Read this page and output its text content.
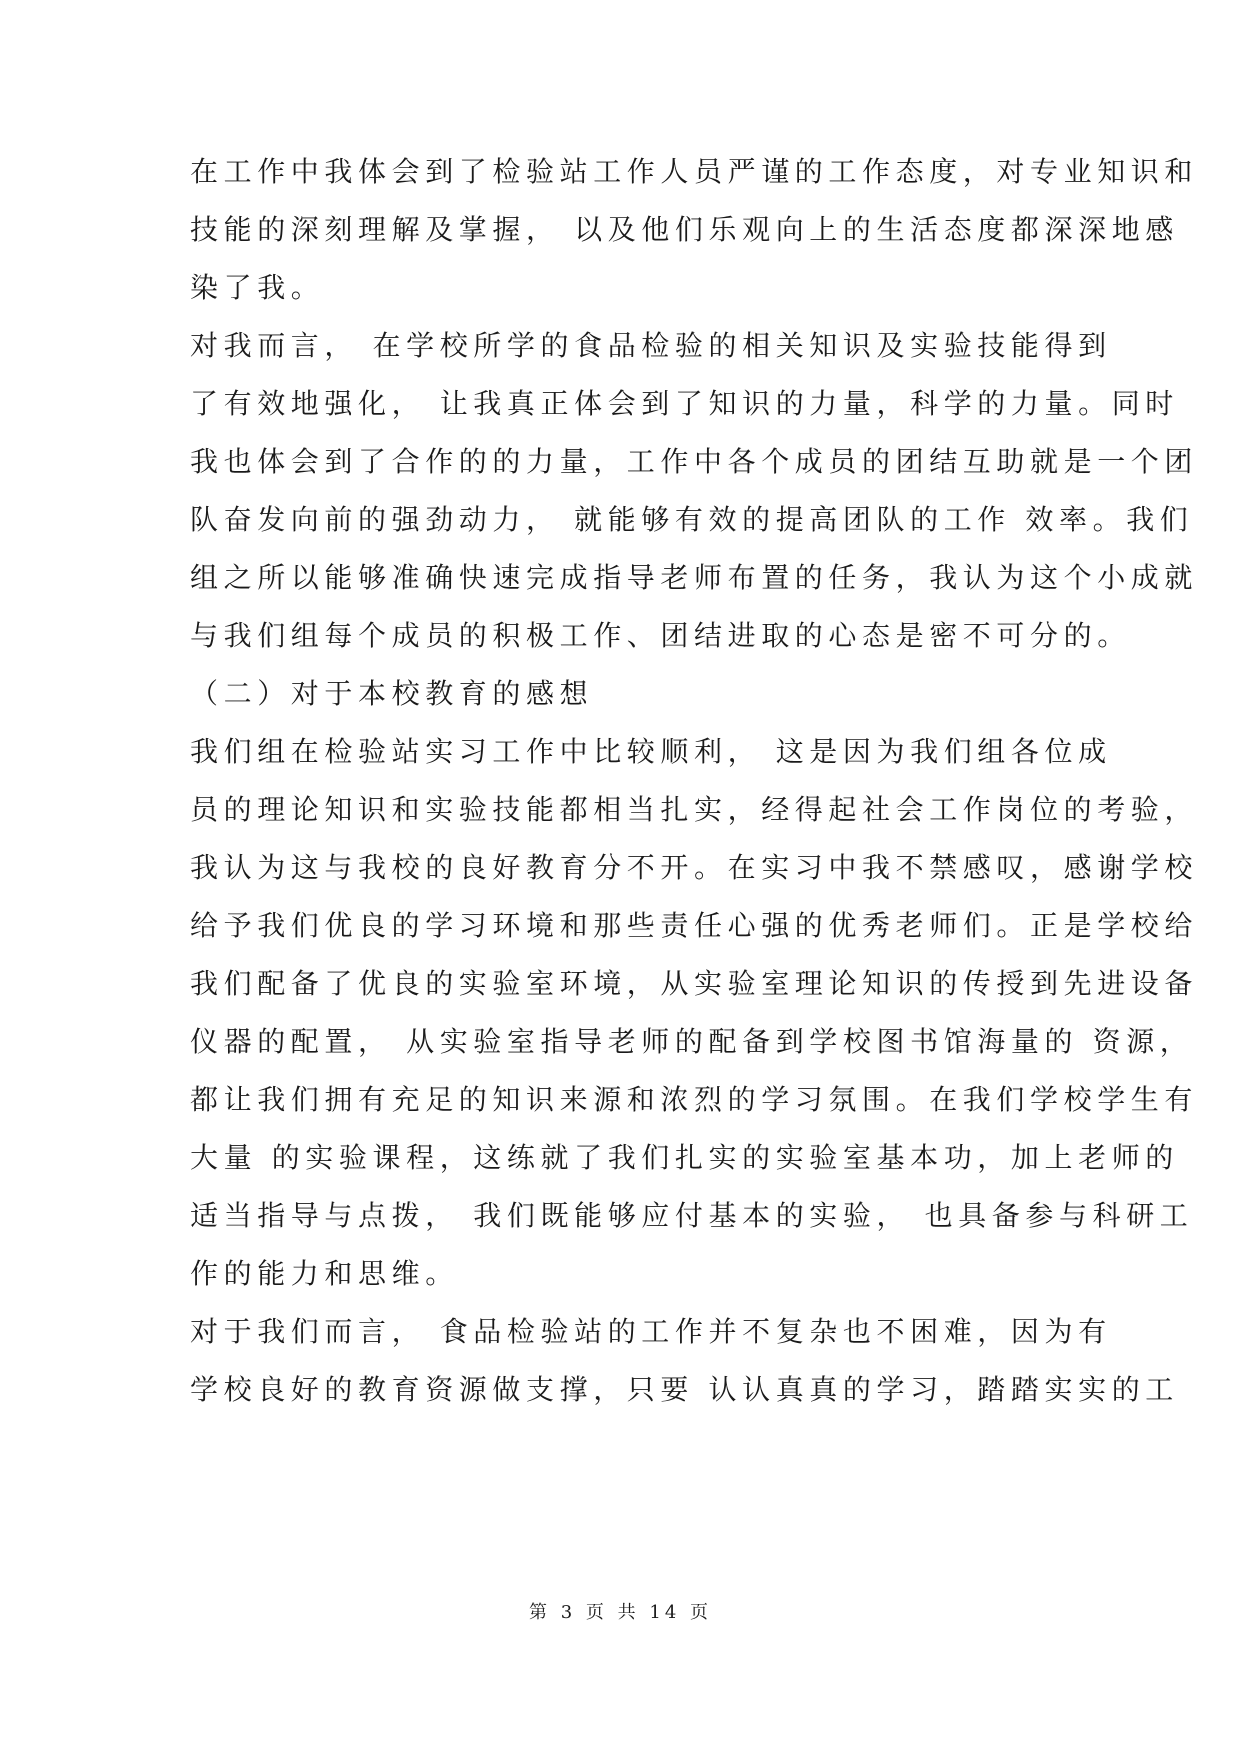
在工作中我体会到了检验站工作人员严谨的工作态度，对专业知识和
技能的深刻理解及掌握， 以及他们乐观向上的生活态度都深深地感
染了我。
对我而言， 在学校所学的食品检验的相关知识及实验技能得到
了有效地强化， 让我真正体会到了知识的力量，科学的力量。同时
我也体会到了合作的的力量，工作中各个成员的团结互助就是一个团
队奋发向前的强劲动力， 就能够有效的提高团队的工作 效率。我们
组之所以能够准确快速完成指导老师布置的任务，我认为这个小成就
与我们组每个成员的积极工作、团结进取的心态是密不可分的。
（二）对于本校教育的感想
我们组在检验站实习工作中比较顺利， 这是因为我们组各位成
员的理论知识和实验技能都相当扎实，经得起社会工作岗位的考验，
我认为这与我校的良好教育分不开。在实习中我不禁感叹，感谢学校
给予我们优良的学习环境和那些责任心强的优秀老师们。正是学校给
我们配备了优良的实验室环境，从实验室理论知识的传授到先进设备
仪器的配置， 从实验室指导老师的配备到学校图书馆海量的 资源，
都让我们拥有充足的知识来源和浓烈的学习氛围。在我们学校学生有
大量 的实验课程，这练就了我们扎实的实验室基本功，加上老师的
适当指导与点拨， 我们既能够应付基本的实验， 也具备参与科研工
作的能力和思维。
对于我们而言， 食品检验站的工作并不复杂也不困难，因为有
学校良好的教育资源做支撑，只要 认认真真的学习，踏踏实实的工
第 3 页 共 14 页
